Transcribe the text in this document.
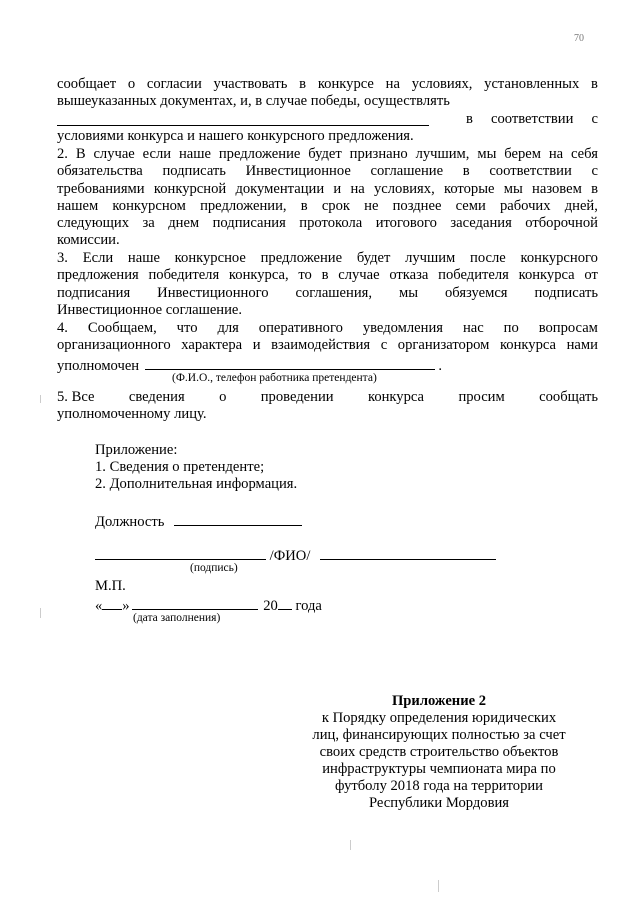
70
сообщает о согласии участвовать в конкурсе на условиях, установленных в
вышеуказанных документах, и, в случае победы, осуществлять
в соответствии с
условиями конкурса и нашего конкурсного предложения.
2. В случае если наше предложение будет признано лучшим, мы берем на себя
обязательства подписать Инвестиционное соглашение в соответствии с
требованиями конкурсной документации и на условиях, которые мы назовем в
нашем конкурсном предложении, в срок не позднее семи рабочих дней,
следующих за днем подписания протокола итогового заседания отборочной
комиссии.
3. Если наше конкурсное предложение будет лучшим после конкурсного
предложения победителя конкурса, то в случае отказа победителя конкурса от
подписания Инвестиционного соглашения, мы обязуемся подписать
Инвестиционное соглашение.
4. Сообщаем, что для оперативного уведомления нас по вопросам
организационного характера и взаимодействия с организатором конкурса нами
уполномочен	.
(Ф.И.О., телефон работника претендента)
5. Все сведения о проведении конкурса просим сообщать
уполномоченному лицу.
Приложение:
1. Сведения о претенденте;
2. Дополнительная информация.
Должность
/ФИО/
(подпись)
М.П.
« »	20 года
(дата заполнения)
Приложение 2
к Порядку определения юридических
лиц, финансирующих полностью за счет
своих средств строительство объектов
инфраструктуры чемпионата мира по
футболу 2018 года на территории
Республики Мордовия
